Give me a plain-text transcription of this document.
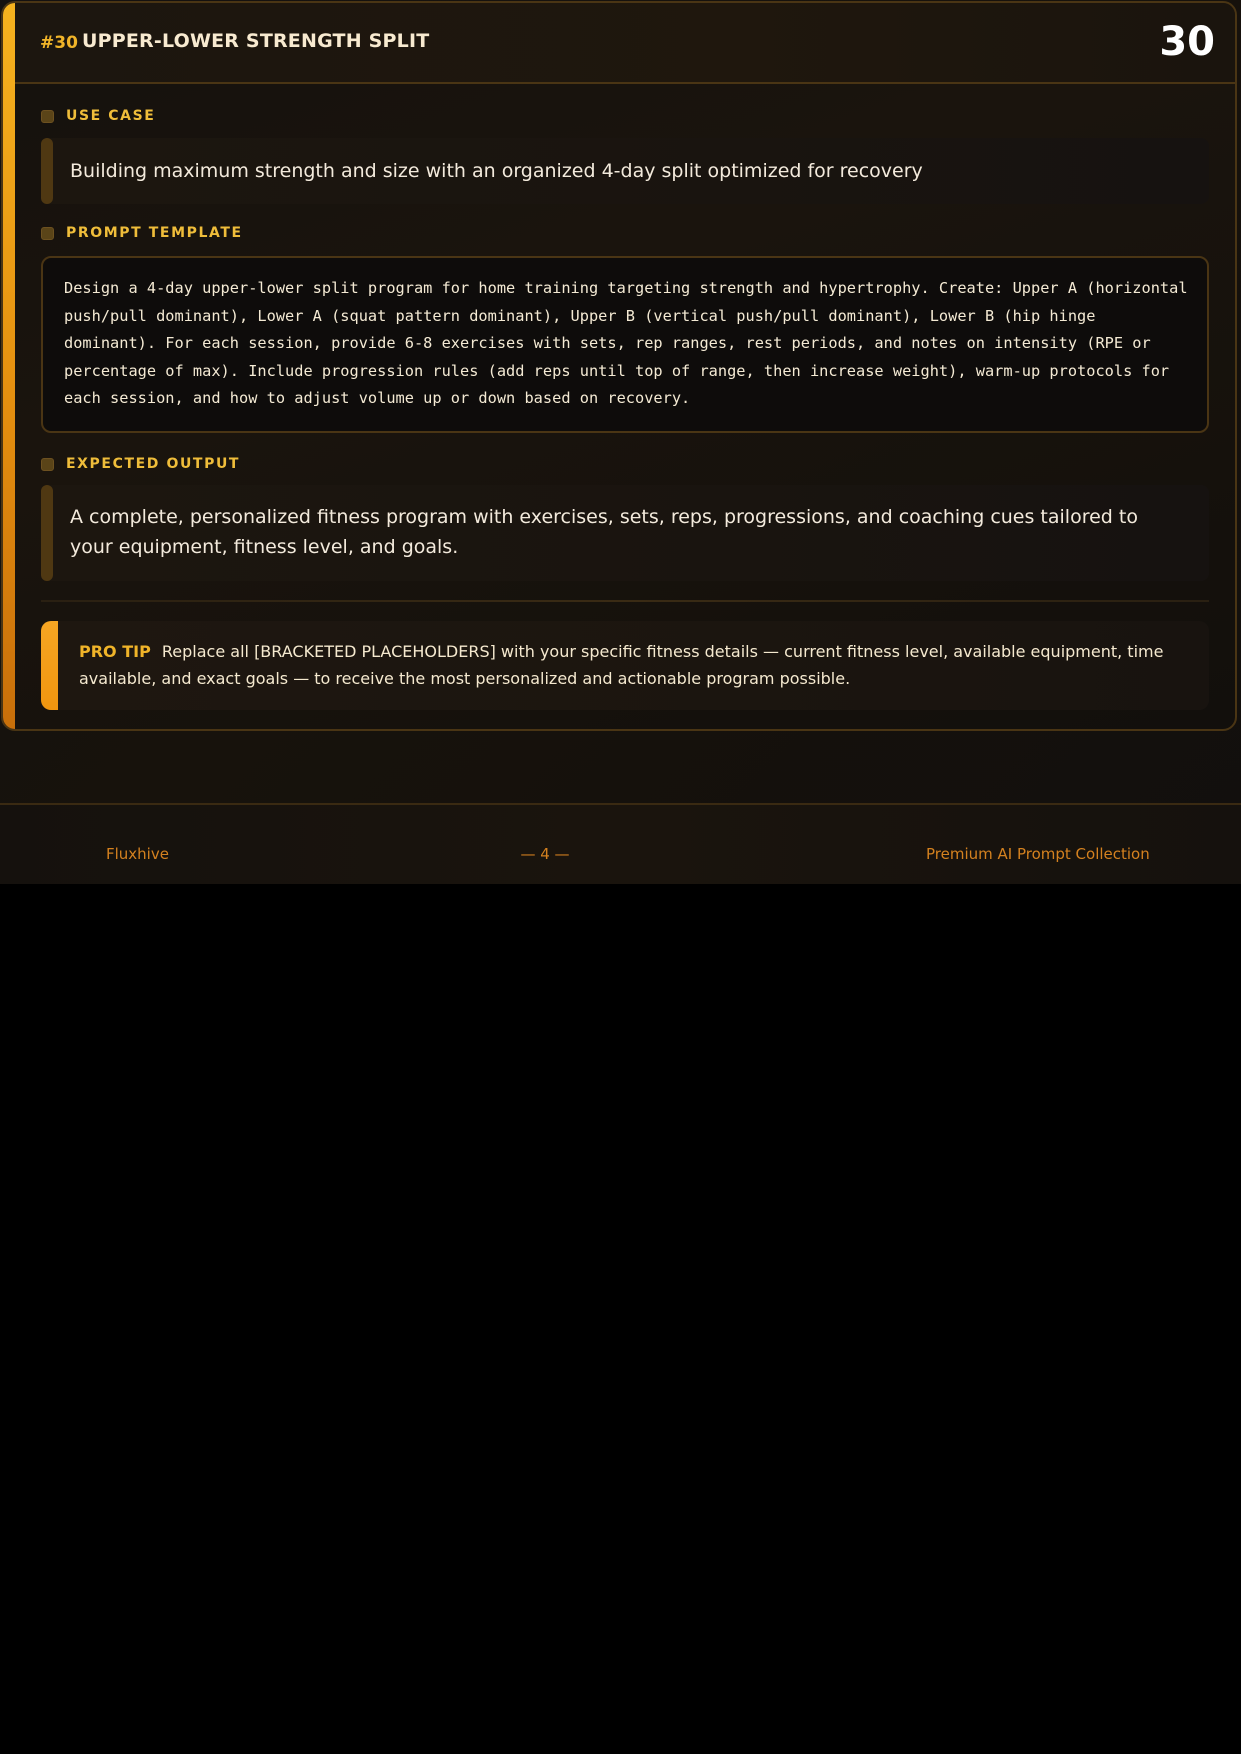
#30 UPPER-LOWER STRENGTH SPLIT	30
USE CASE
Building maximum strength and size with an organized 4-day split optimized for recovery
PROMPT TEMPLATE
Design a 4-day upper-lower split program for home training targeting strength and hypertrophy. Create: Upper A (horizontal push/pull dominant), Lower A (squat pattern dominant), Upper B (vertical push/pull dominant), Lower B (hip hinge dominant). For each session, provide 6-8 exercises with sets, rep ranges, rest periods, and notes on intensity (RPE or percentage of max). Include progression rules (add reps until top of range, then increase weight), warm-up protocols for each session, and how to adjust volume up or down based on recovery.
EXPECTED OUTPUT
A complete, personalized fitness program with exercises, sets, reps, progressions, and coaching cues tailored to your equipment, fitness level, and goals.
PRO TIP Replace all [BRACKETED PLACEHOLDERS] with your specific fitness details — current fitness level, available equipment, time available, and exact goals — to receive the most personalized and actionable program possible.
Fluxhive	— 4 —	Premium AI Prompt Collection
